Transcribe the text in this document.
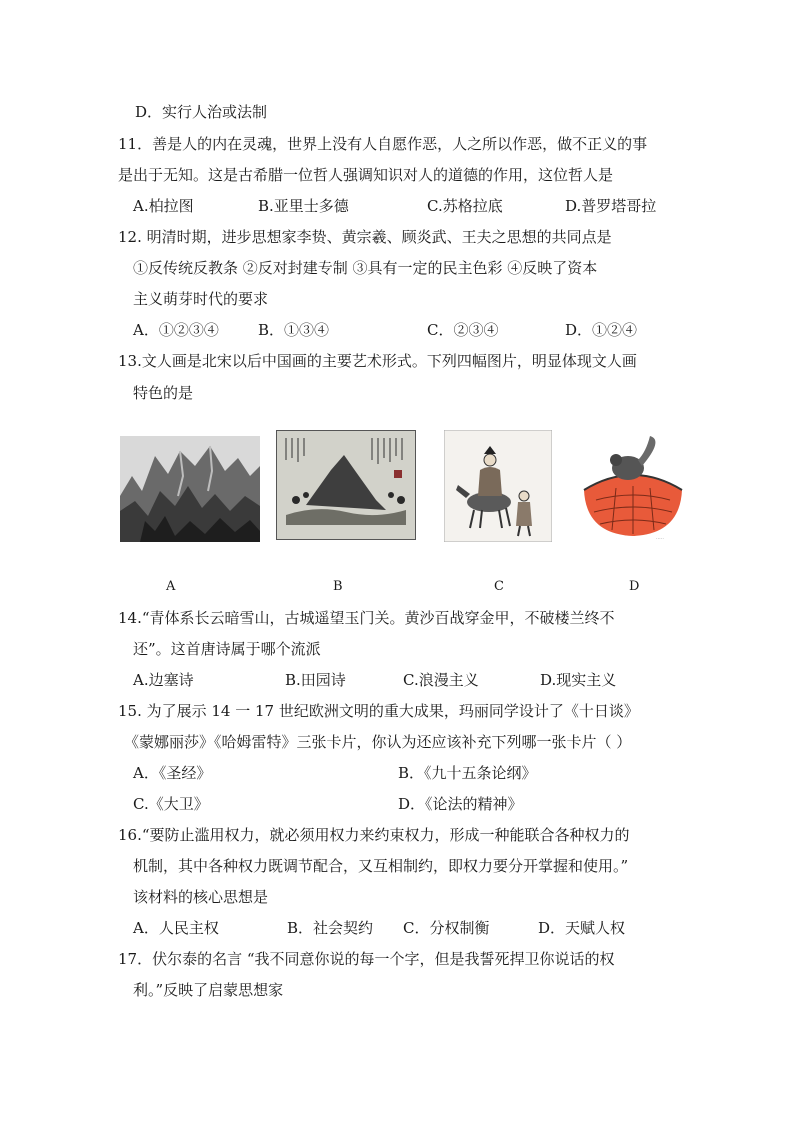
D．实行人治或法制
11．善是人的内在灵魂，世界上没有人自愿作恶，人之所以作恶，做不正义的事
是出于无知。这是古希腊一位哲人强调知识对人的道德的作用，这位哲人是
A.柏拉图	B.亚里士多德	C.苏格拉底	D.普罗塔哥拉
12. 明清时期，进步思想家李贽、黄宗羲、顾炎武、王夫之思想的共同点是
①反传统反教条 ②反对封建专制 ③具有一定的民主色彩 ④反映了资本
主义萌芽时代的要求
A．①②③④	B．①③④	C．②③④	D．①②④
13.文人画是北宋以后中国画的主要艺术形式。下列四幅图片，明显体现文人画
特色的是
·····
A	B	C	D
14.“青体系长云暗雪山，古城遥望玉门关。黄沙百战穿金甲，不破楼兰终不
还”。这首唐诗属于哪个流派
A.边塞诗	B.田园诗	C.浪漫主义	D.现实主义
15. 为了展示 14 一 17 世纪欧洲文明的重大成果，玛丽同学设计了《十日谈》
《蒙娜丽莎》《哈姆雷特》三张卡片，你认为还应该补充下列哪一张卡片（ ）
A．《圣经》	B．《九十五条论纲》
C.《大卫》	D．《论法的精神》
16.“要防止滥用权力，就必须用权力来约束权力，形成一种能联合各种权力的
机制，其中各种权力既调节配合，又互相制约，即权力要分开掌握和使用。”
该材料的核心思想是
A．人民主权	B．社会契约 C．分权制衡	D．天赋人权
17．伏尔泰的名言 “我不同意你说的每一个字，但是我誓死捍卫你说话的权
利。”反映了启蒙思想家
